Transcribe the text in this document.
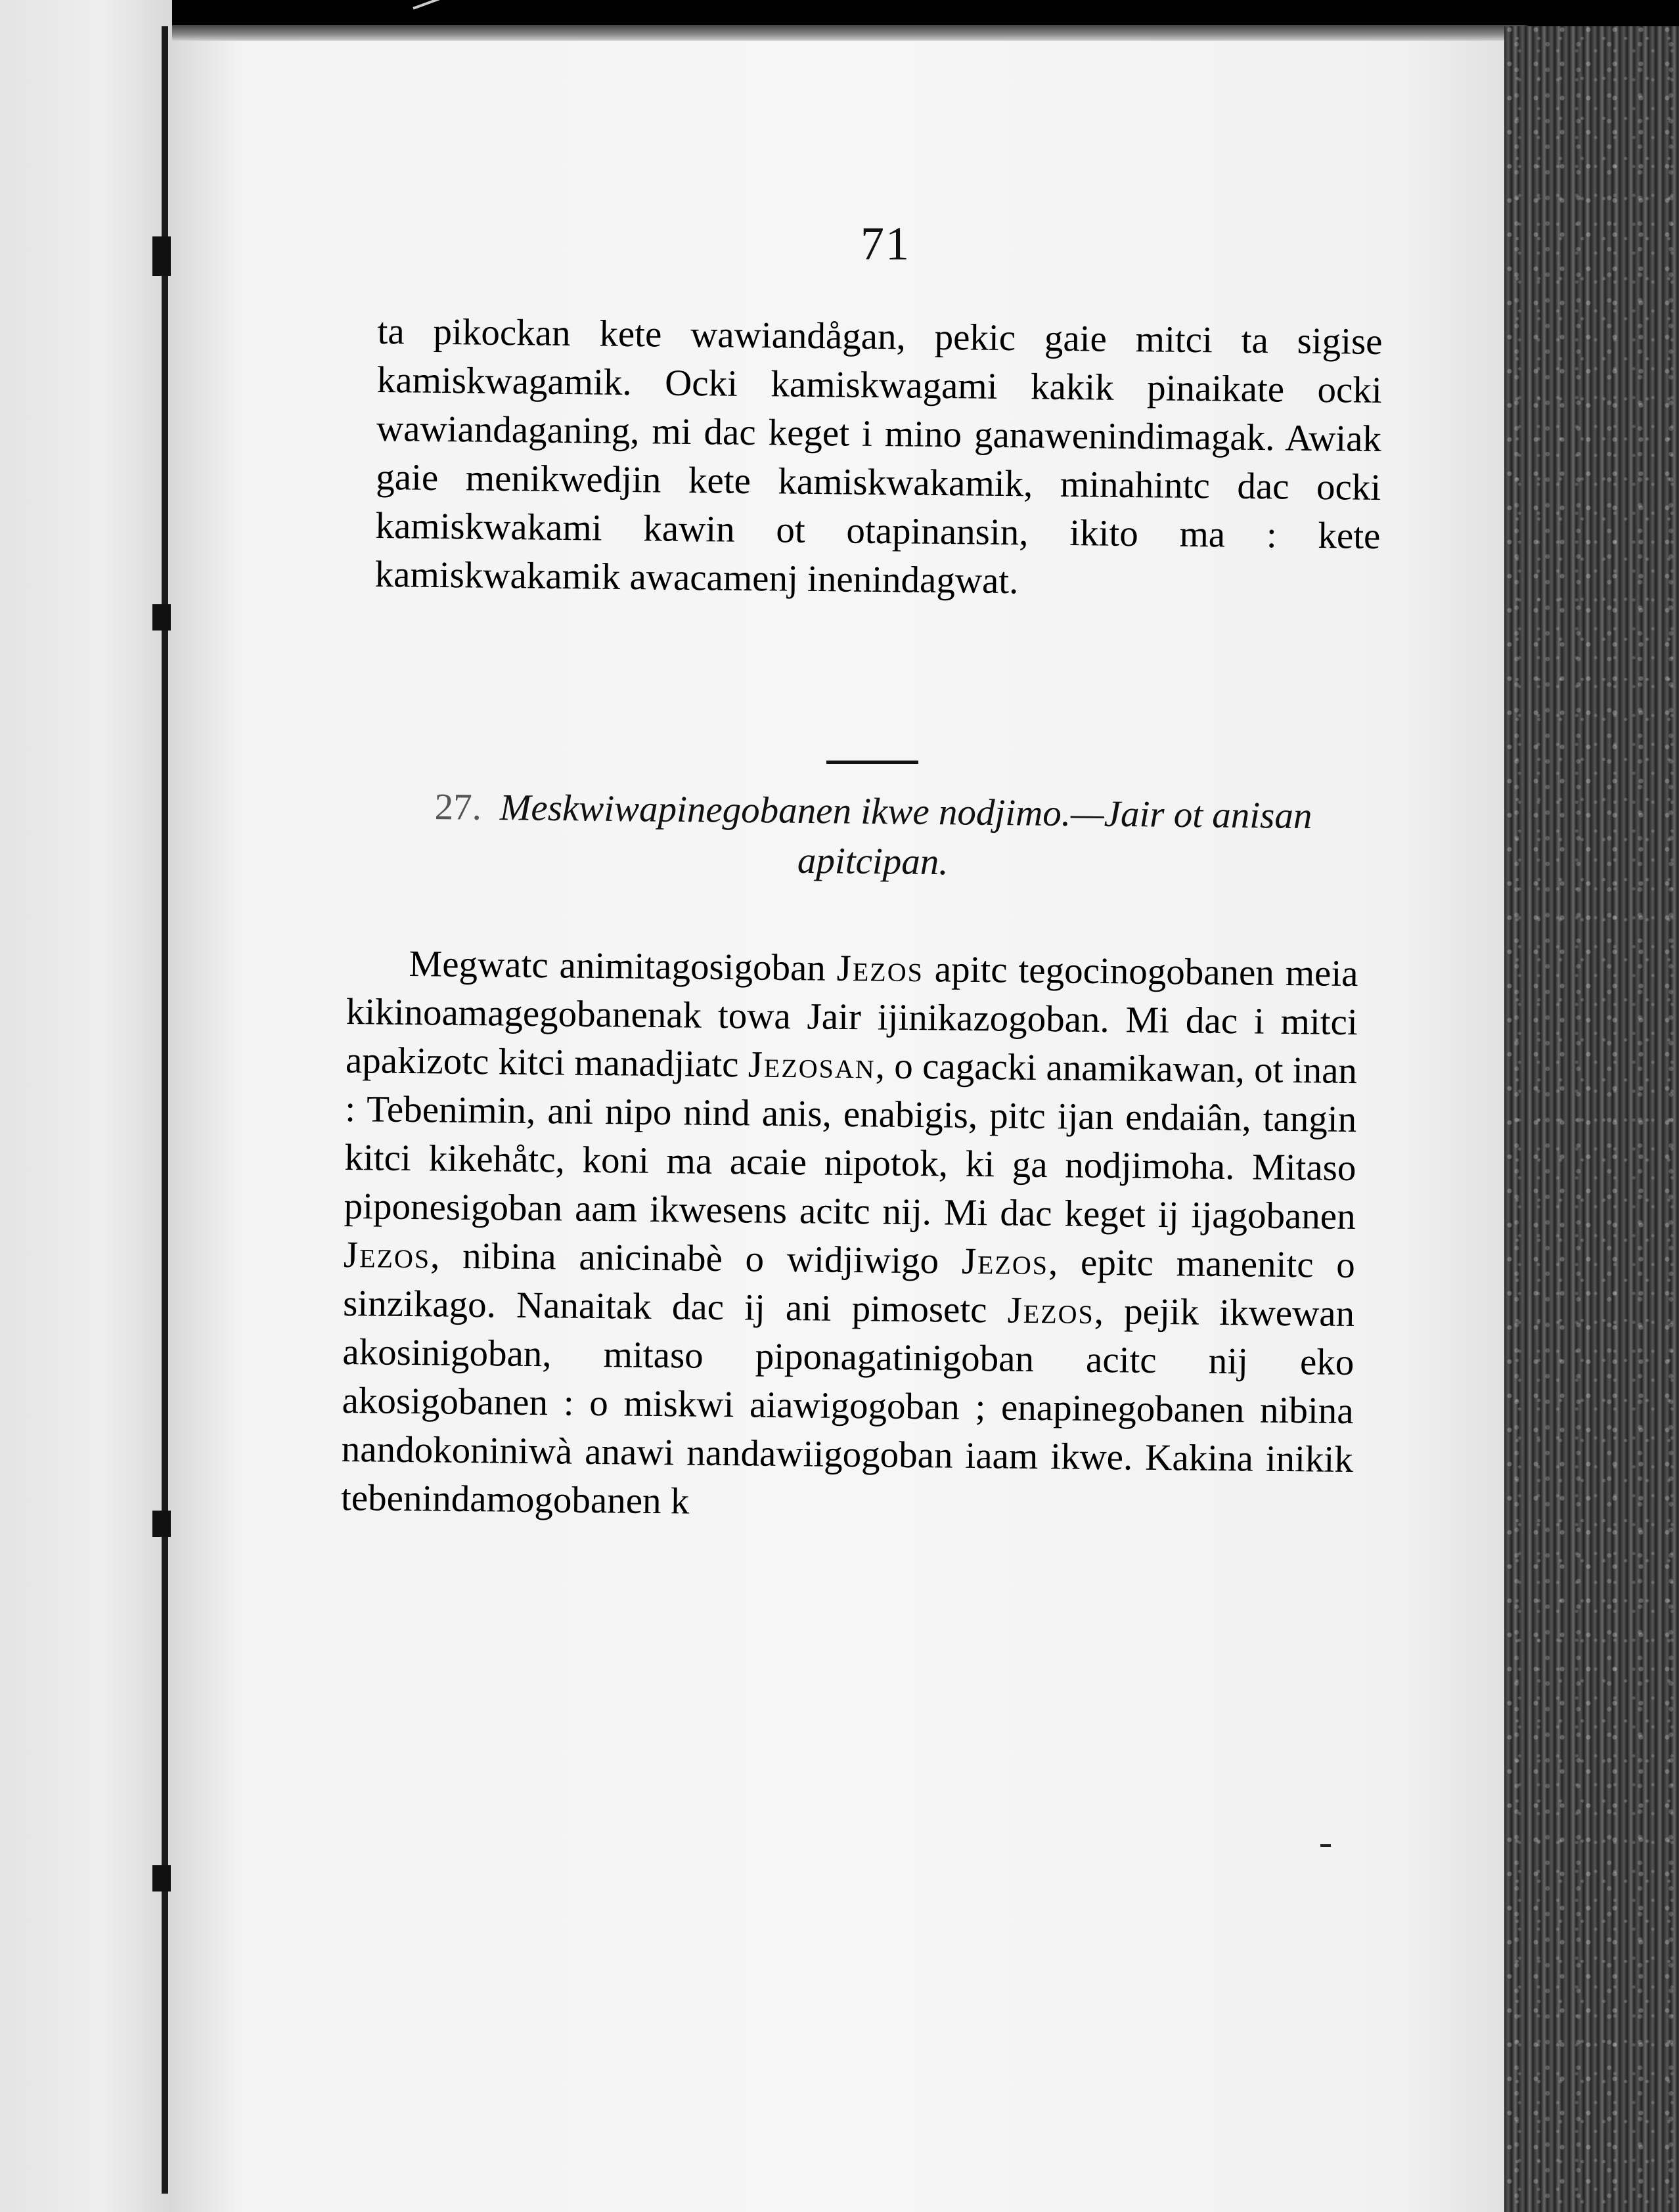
71

ta pikockan kete wawiandågan, pekic gaie mitci ta sigise kamiskwagamik. Ocki kamiskwagami kakik pinaikate ocki wawiandaganing, mi dac keget i mino ganawenindimagak. Awiak gaie menikwedjin kete kamiskwakamik, minahintc dac ocki kamiskwakami kawin ot otapinansin, ikito ma : kete kamiskwakamik awacamenj inenindagwat.

27. Meskwiwapinegobanen ikwe nodjimo.—Jair ot anisan apitcipan.

Megwatc animitagosigoban Jezos apitc tegocinogobanen meia kikinoamagegobanenak towa Jair ijinikazogoban. Mi dac i mitci apakizotc kitci manadjiatc Jezosan, o cagacki anamikawan, ot inan : Tebenimin, ani nipo nind anis, enabigis, pitc ijan endaiân, tangin kitci kikehåtc, koni ma acaie nipotok, ki ga nodjimoha. Mitaso piponesigoban aam ikwesens acitc nij. Mi dac keget ij ijagobanen Jezos, nibina anicinabè o widjiwigo Jezos, epitc manenitc o sinzikago. Nanaitak dac ij ani pimosetc Jezos, pejik ikwewan akosinigoban, mitaso piponagatinigoban acitc nij eko akosigobanen : o miskwi aiawigogoban ; enapinegobanen nibina nandokoniniwà anawi nandawiigogoban iaam ikwe. Kakina inikik tebenindamogobanen k
